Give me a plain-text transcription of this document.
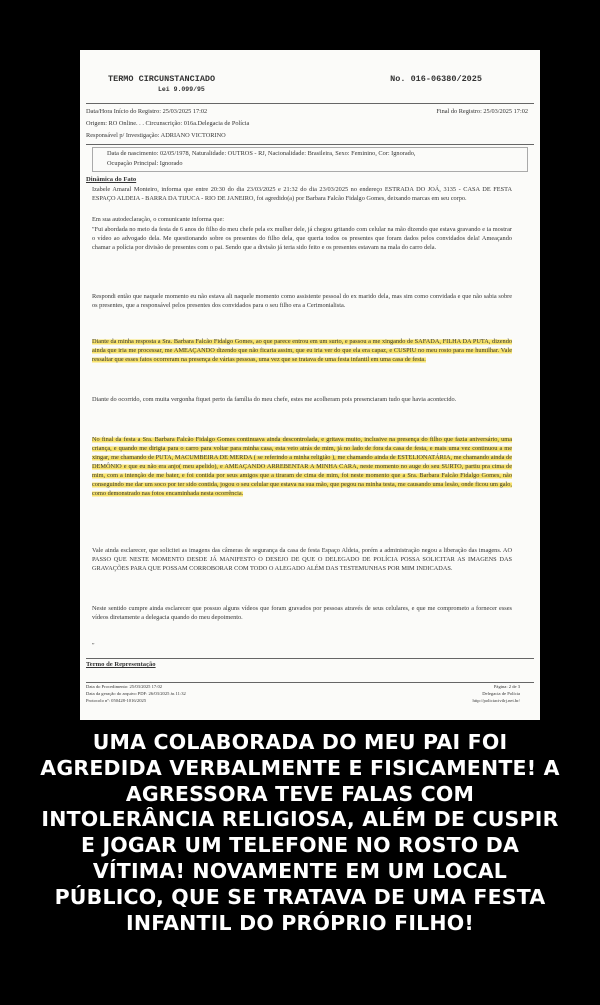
TERMO CIRCUNSTANCIADO
Lei 9.099/95
No. 016-06380/2025
Data/Hora Início do Registro: 25/03/2025 17:02	Final do Registro: 25/03/2025 17:02
Origem: RO Online. . . Circunscrição: 016a.Delegacia de Polícia
Responsável p/ Investigação: ADRIANO VICTORINO
Data de nascimento: 02/05/1978, Naturalidade: OUTROS - RJ, Nacionalidade: Brasileira, Sexo: Feminino, Cor: Ignorado,
Ocupação Principal: Ignorado
Dinâmica do Fato
Izabele Amaral Monteiro, informa que entre 20:30 do dia 23/03/2025 e 21:32 do dia 23/03/2025 no endereço ESTRADA DO JOÁ, 3135 - CASA DE FESTA ESPAÇO ALDEIA - BARRA DA TIJUCA - RIO DE JANEIRO, foi agredido(a) por Barbara Falcão Fidalgo Gomes, deixando marcas em seu corpo.
Em sua autodeclaração, o comunicante informa que:
"Fui abordada no meio da festa de 6 anos do filho do meu chefe pela ex mulher dele, já chegou gritando com celular na mão dizendo que estava gravando e ia mostrar o vídeo ao advogado dela. Me questionando sobre os presentes do filho dela, que queria todos os presentes que foram dados pelos convidados dela! Ameaçando chamar a polícia por divisão de presentes com o pai. Sendo que a divisão já teria sido feito e os presentes estavam na mala do carro dela.
Respondi então que naquele momento eu não estava ali naquele momento como assistente pessoal do ex marido dela, mas sim como convidada e que não sabia sobre os presentes, que a responsável pelos presentes dos convidados para o seu filho era a Cerimonialista.
Diante da minha resposta a Sra. Barbara Falcão Fidalgo Gomes, ao que parece entrou em um surto, e passou a me xingando de SAFADA, FILHA DA PUTA, dizendo ainda que iria me processar, me AMEAÇANDO dizendo que não ficaria assim, que eu iria ver do que ela era capaz, e CUSPIU no meu rosto para me humilhar. Vale ressaltar que esses fatos ocorreram na presença de várias pessoas, uma vez que se tratava de uma festa infantil em uma casa de festa.
Diante do ocorrido, com muita vergonha fiquei perto da família do meu chefe, estes me acolheram pois presenciaram tudo que havia acontecido.
No final da festa a Sra. Barbara Falcão Fidalgo Gomes continuava ainda descontrolada, e gritava muito, inclusive na presença do filho que fazia aniversário, uma criança, e quando me dirigia para o carro para voltar para minha casa, esta veio atrás de mim, já no lado de fora da casa de festa, e mais uma vez continuou a me xingar, me chamando de PUTA, MACUMBEIRA DE MERDA ( se referindo a minha religião ), me chamando ainda de ESTELIONATÁRIA, me chamando ainda de DEMÔNIO e que eu não era anjo( meu apelido), e AMEAÇANDO ARREBENTAR A MINHA CARA, neste momento no auge do seu SURTO, partiu pra cima de mim, com a intenção de me bater, e foi contida por seus amigos que a tiraram de cima de mim, foi neste momento que a Sra. Barbara Falcão Fidalgo Gomes, não conseguindo me dar um soco por ter sido contida, jogou o seu celular que estava na sua mão, que pegou na minha testa, me causando uma lesão, onde ficou um galo, como demonstrado nas fotos encaminhada nesta ocorrência.
Vale ainda esclarecer, que solicitei as imagens das câmeras de segurança da casa de festa Espaço Aldeia, porém a administração negou a liberação das imagens. AO PASSO QUE NESTE MOMENTO DESDE JÁ MANIFESTO O DESEJO DE QUE O DELEGADO DE POLÍCIA POSSA SOLICITAR AS IMAGENS DAS GRAVAÇÕES PARA QUE POSSAM CORROBORAR COM TODO O ALEGADO ALÉM DAS TESTEMUNHAS POR MIM INDICADAS.
Neste sentido cumpre ainda esclarecer que possuo alguns vídeos que foram gravados por pessoas através de seus celulares, e que me comprometo a fornecer esses vídeos diretamente a delegacia quando do meu depoimento.
"
Termo de Representação
Data do Procedimento: 25/03/2025 17:02
Data da geração do arquivo PDF: 26/03/2025 às 11:32
Protocolo nº: 050428-1016/2025
Página: 2 de 3
Delegacia de Polícia
http://policiacivilrj.net.br/
UMA COLABORADA DO MEU PAI FOI AGREDIDA VERBALMENTE E FISICAMENTE! A AGRESSORA TEVE FALAS COM INTOLERÂNCIA RELIGIOSA, ALÉM DE CUSPIR E JOGAR UM TELEFONE NO ROSTO DA VÍTIMA! NOVAMENTE EM UM LOCAL PÚBLICO, QUE SE TRATAVA DE UMA FESTA INFANTIL DO PRÓPRIO FILHO!
